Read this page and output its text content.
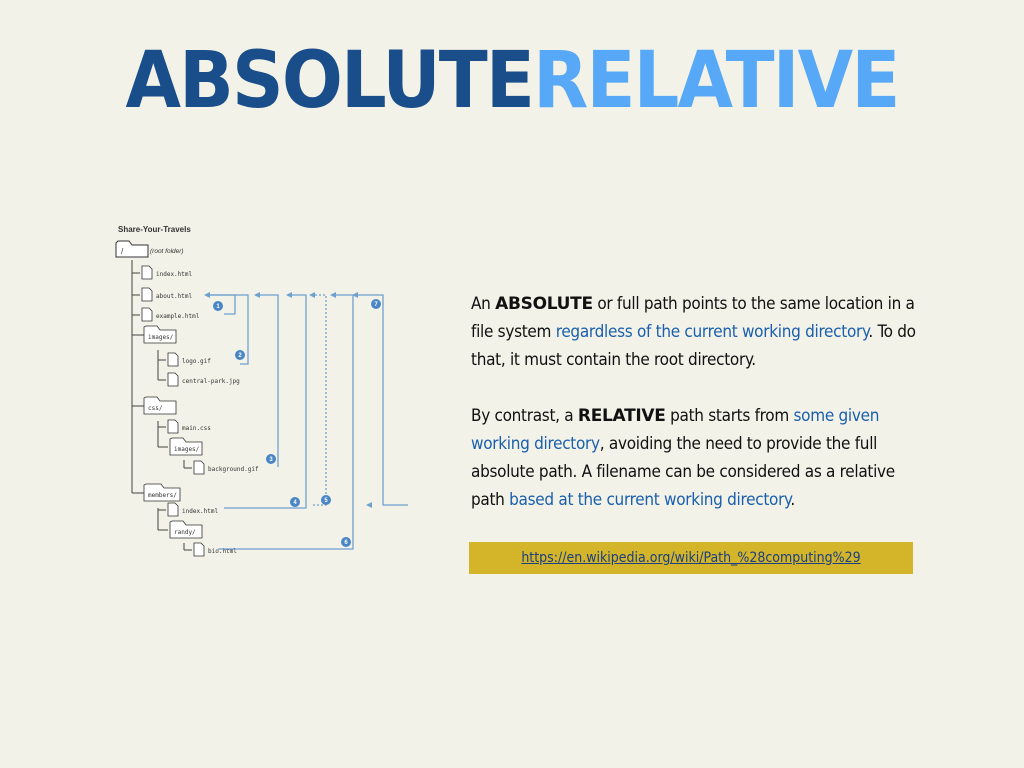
ABSOLUTERELATIVE
Share-Your-Travels
/	(root folder)
index.html
about.html
example.html
images/
logo.gif
central-park.jpg
css/
main.css
images/
background.gif
members/
index.html
randy/
bio.html
1
2
3
4	5
6
7	An ABSOLUTE or full path points to the same location in a file system regardless of the current working directory. To do that, it must contain the root directory.

By contrast, a RELATIVE path starts from some given working directory, avoiding the need to provide the full absolute path. A filename can be considered as a relative path based at the current working directory.

https://en.wikipedia.org/wiki/Path_%28computing%29
